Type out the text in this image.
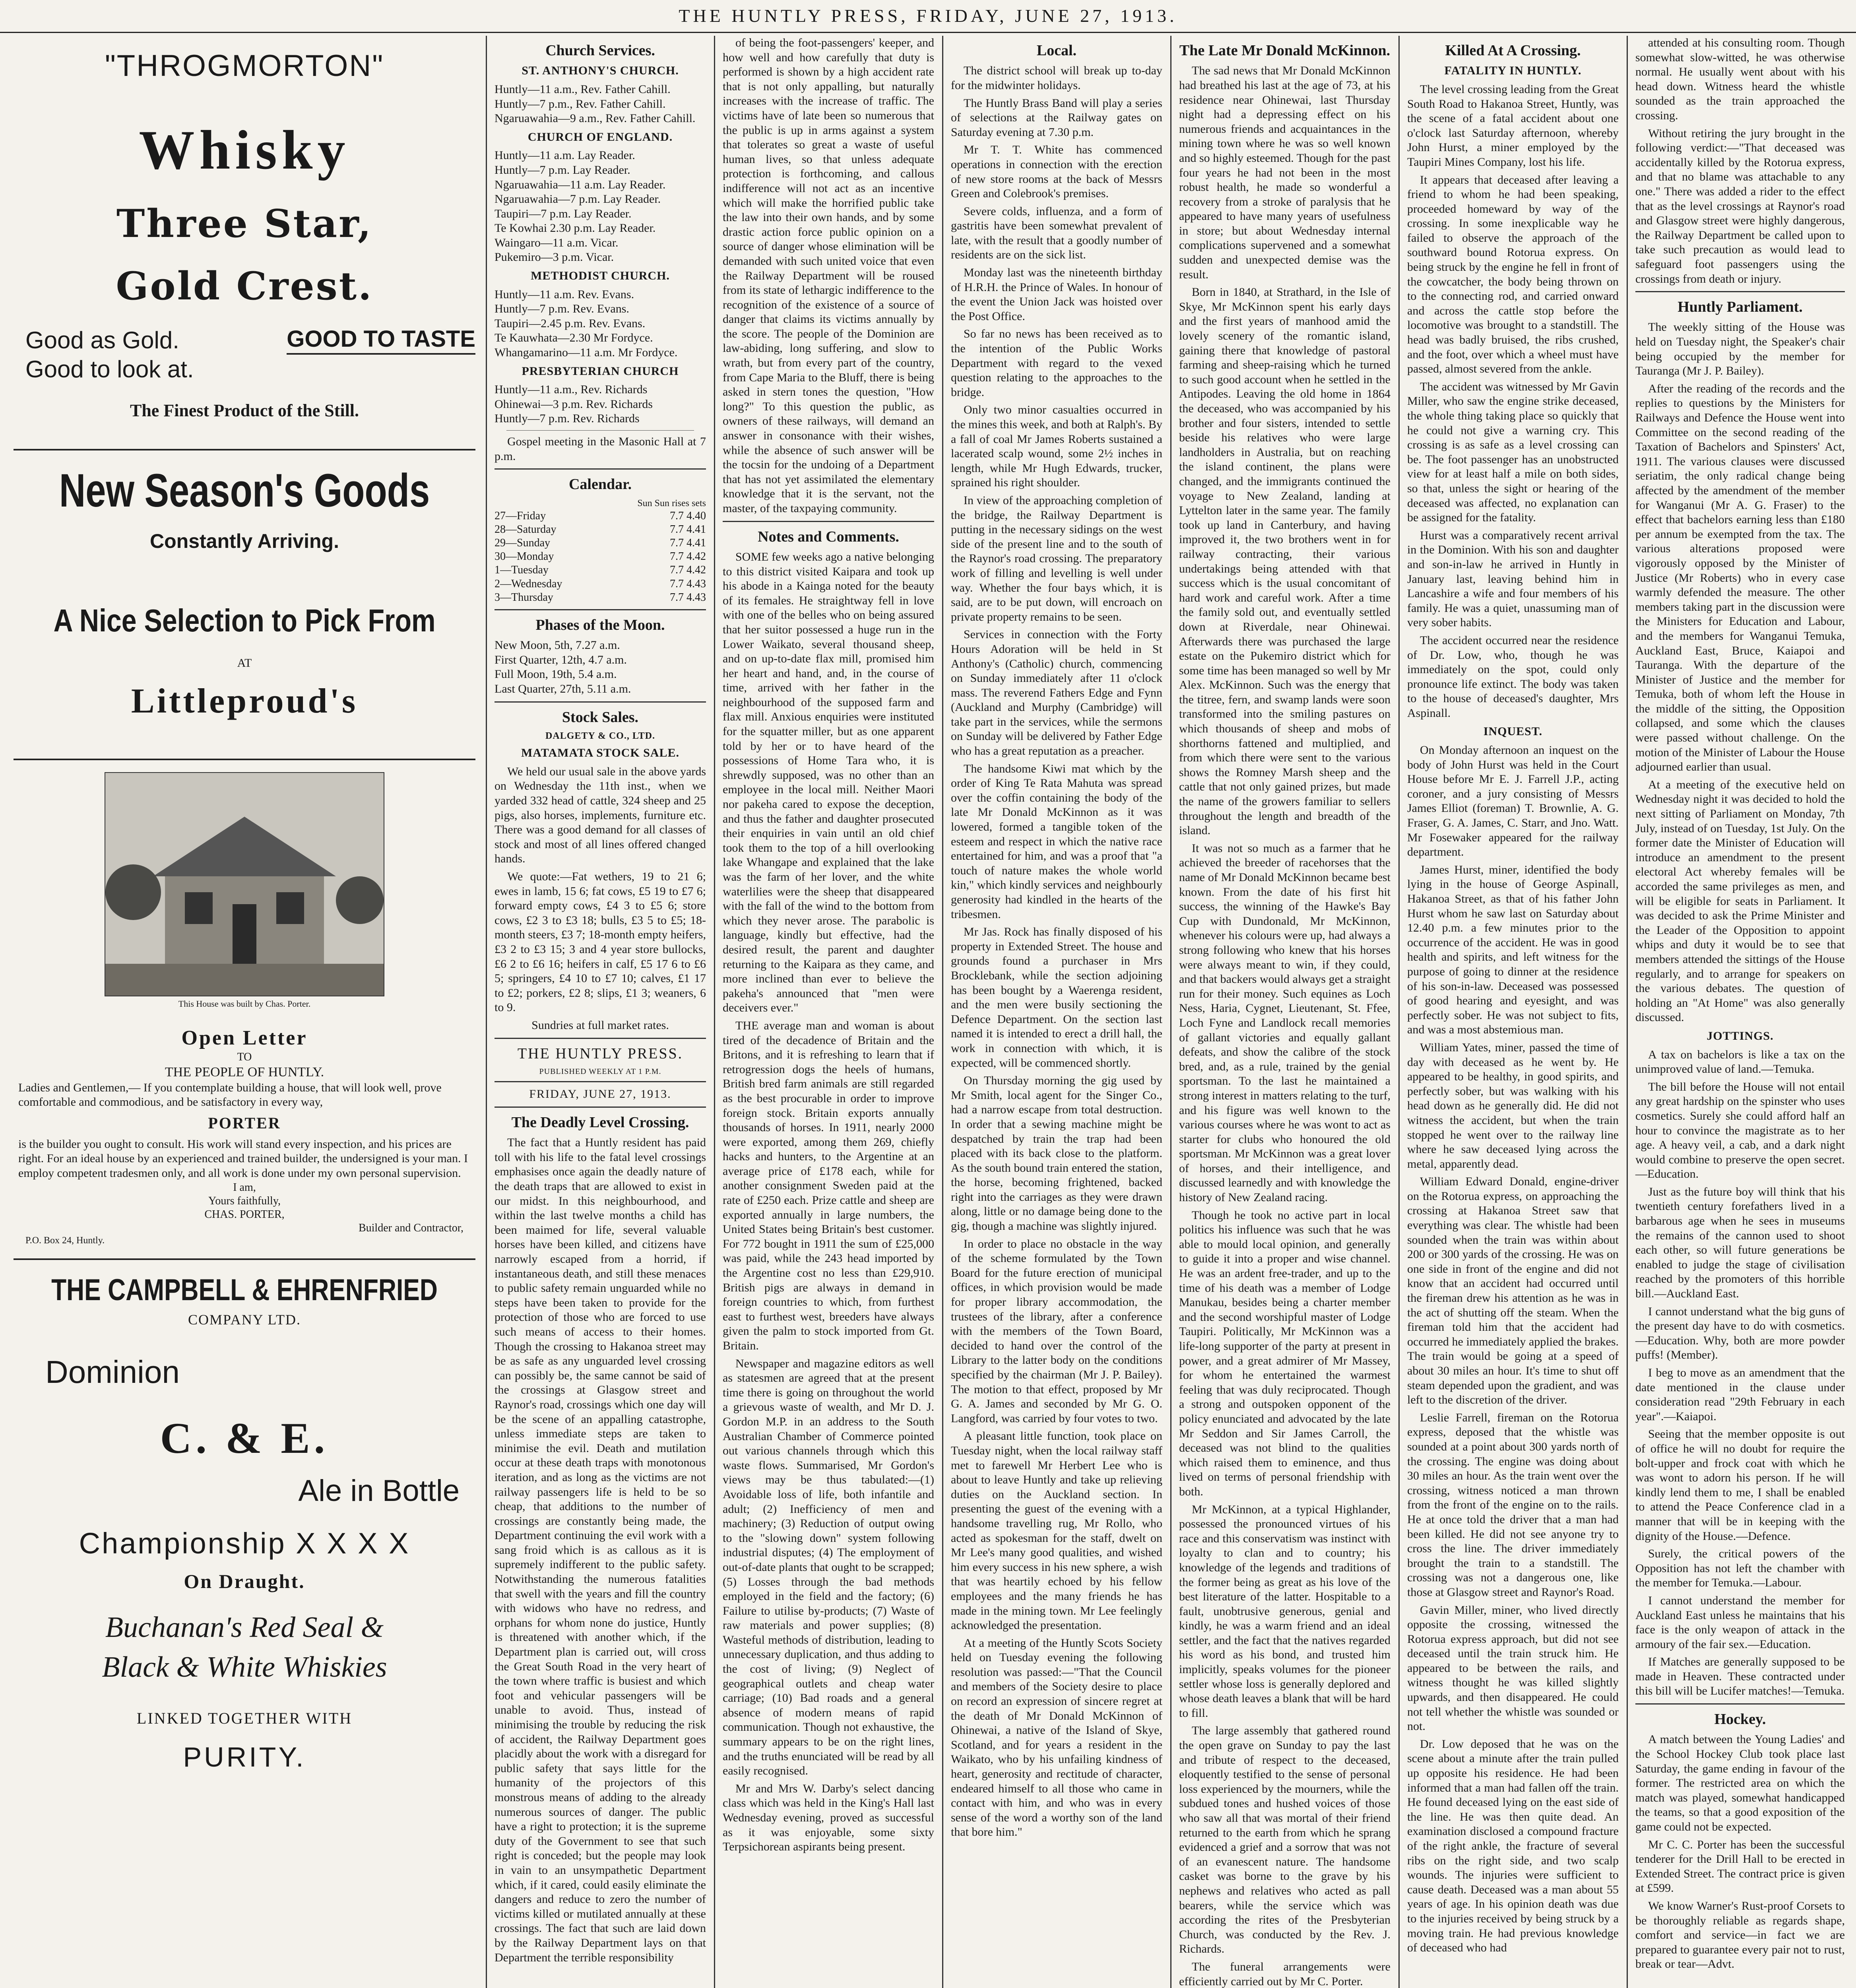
THE HUNTLY PRESS, FRIDAY, JUNE 27, 1913.
"THROGMORTON"
Whisky
Three Star,
Gold Crest.
Good as Gold.	GOOD TO TASTE
Good to look at.
The Finest Product of the Still.
New Season's Goods
Constantly Arriving.
A Nice Selection to Pick From
AT
Littleproud's
This House was built by Chas. Porter.
Open Letter
TO
THE PEOPLE OF HUNTLY.
Ladies and Gentlemen,— If you contemplate building a house, that will look well, prove comfortable and commodious, and be satisfactory in every way,
PORTER
is the builder you ought to consult. His work will stand every inspection, and his prices are right. For an ideal house by an experienced and trained builder, the undersigned is your man. I employ competent tradesmen only, and all work is done under my own personal supervision.
I am,
Yours faithfully,
CHAS. PORTER,
Builder and Contractor,
P.O. Box 24, Huntly.
THE CAMPBELL & EHRENFRIED
COMPANY LTD.
Dominion
C. & E.
Ale in Bottle
Championship X X X X
On Draught.
Buchanan's Red Seal &
Black & White Whiskies
LINKED TOGETHER WITH
PURITY.
Church Services.
ST. ANTHONY'S CHURCH.
Huntly—11 a.m., Rev. Father Cahill.
Huntly—7 p.m., Rev. Father Cahill.
Ngaruawahia—9 a.m., Rev. Father Cahill.
CHURCH OF ENGLAND.
Huntly—11 a.m. Lay Reader.
Huntly—7 p.m. Lay Reader.
Ngaruawahia—11 a.m. Lay Reader.
Ngaruawahia—7 p.m. Lay Reader.
Taupiri—7 p.m. Lay Reader.
Te Kowhai 2.30 p.m. Lay Reader.
Waingaro—11 a.m. Vicar.
Pukemiro—3 p.m. Vicar.
METHODIST CHURCH.
Huntly—11 a.m. Rev. Evans.
Huntly—7 p.m. Rev. Evans.
Taupiri—2.45 p.m. Rev. Evans.
Te Kauwhata—2.30 Mr Fordyce.
Whangamarino—11 a.m. Mr Fordyce.
PRESBYTERIAN CHURCH
Huntly—11 a.m., Rev. Richards
Ohinewai—3 p.m. Rev. Richards
Huntly—7 p.m. Rev. Richards
Gospel meeting in the Masonic Hall at 7 p.m.
Calendar.
Sun Sun rises sets
27—Friday	7.7 4.40
28—Saturday	7.7 4.41
29—Sunday	7.7 4.41
30—Monday	7.7 4.42
1—Tuesday	7.7 4.42
2—Wednesday	7.7 4.43
3—Thursday	7.7 4.43
Phases of the Moon.
New Moon, 5th, 7.27 a.m.
First Quarter, 12th, 4.7 a.m.
Full Moon, 19th, 5.4 a.m.
Last Quarter, 27th, 5.11 a.m.
Stock Sales.
DALGETY & CO., LTD.
MATAMATA STOCK SALE.
We held our usual sale in the above yards on Wednesday the 11th inst., when we yarded 332 head of cattle, 324 sheep and 25 pigs, also horses, implements, furniture etc. There was a good demand for all classes of stock and most of all lines offered changed hands.
We quote:—Fat wethers, 19 to 21 6; ewes in lamb, 15 6; fat cows, £5 19 to £7 6; forward empty cows, £4 3 to £5 6; store cows, £2 3 to £3 18; bulls, £3 5 to £5; 18-month steers, £3 7; 18-month empty heifers, £3 2 to £3 15; 3 and 4 year store bullocks, £6 2 to £6 16; heifers in calf, £5 17 6 to £6 5; springers, £4 10 to £7 10; calves, £1 17 to £2; porkers, £2 8; slips, £1 3; weaners, 6 to 9.
Sundries at full market rates.
THE HUNTLY PRESS.
PUBLISHED WEEKLY AT 1 P.M.
FRIDAY, JUNE 27, 1913.
The Deadly Level Crossing.
The fact that a Huntly resident has paid toll with his life to the fatal level crossings emphasises once again the deadly nature of the death traps that are allowed to exist in our midst. In this neighbourhood, and within the last twelve months a child has been maimed for life, several valuable horses have been killed, and citizens have narrowly escaped from a horrid, if instantaneous death, and still these menaces to public safety remain unguarded while no steps have been taken to provide for the protection of those who are forced to use such means of access to their homes. Though the crossing to Hakanoa street may be as safe as any unguarded level crossing can possibly be, the same cannot be said of the crossings at Glasgow street and Raynor's road, crossings which one day will be the scene of an appalling catastrophe, unless immediate steps are taken to minimise the evil. Death and mutilation occur at these death traps with monotonous iteration, and as long as the victims are not railway passengers life is held to be so cheap, that additions to the number of crossings are constantly being made, the Department continuing the evil work with a sang froid which is as callous as it is supremely indifferent to the public safety. Notwithstanding the numerous fatalities that swell with the years and fill the country with widows who have no redress, and orphans for whom none do justice, Huntly is threatened with another which, if the Department plan is carried out, will cross the Great South Road in the very heart of the town where traffic is busiest and which foot and vehicular passengers will be unable to avoid. Thus, instead of minimising the trouble by reducing the risk of accident, the Railway Department goes placidly about the work with a disregard for public safety that says little for the humanity of the projectors of this monstrous means of adding to the already numerous sources of danger. The public have a right to protection; it is the supreme duty of the Government to see that such right is conceded; but the people may look in vain to an unsympathetic Department which, if it cared, could easily eliminate the dangers and reduce to zero the number of victims killed or mutilated annually at these crossings. The fact that such are laid down by the Railway Department lays on that Department the terrible responsibility
of being the foot-passengers' keeper, and how well and how carefully that duty is performed is shown by a high accident rate that is not only appalling, but naturally increases with the increase of traffic. The victims have of late been so numerous that the public is up in arms against a system that tolerates so great a waste of useful human lives, so that unless adequate protection is forthcoming, and callous indifference will not act as an incentive which will make the horrified public take the law into their own hands, and by some drastic action force public opinion on a source of danger whose elimination will be demanded with such united voice that even the Railway Department will be roused from its state of lethargic indifference to the recognition of the existence of a source of danger that claims its victims annually by the score. The people of the Dominion are law-abiding, long suffering, and slow to wrath, but from every part of the country, from Cape Maria to the Bluff, there is being asked in stern tones the question, "How long?" To this question the public, as owners of these railways, will demand an answer in consonance with their wishes, while the absence of such answer will be the tocsin for the undoing of a Department that has not yet assimilated the elementary knowledge that it is the servant, not the master, of the taxpaying community.
Notes and Comments.
SOME few weeks ago a native belonging to this district visited Kaipara and took up his abode in a Kainga noted for the beauty of its females. He straightway fell in love with one of the belles who on being assured that her suitor possessed a huge run in the Lower Waikato, several thousand sheep, and on up-to-date flax mill, promised him her heart and hand, and, in the course of time, arrived with her father in the neighbourhood of the supposed farm and flax mill. Anxious enquiries were instituted for the squatter miller, but as one apparent told by her or to have heard of the possessions of Home Tara who, it is shrewdly supposed, was no other than an employee in the local mill. Neither Maori nor pakeha cared to expose the deception, and thus the father and daughter prosecuted their enquiries in vain until an old chief took them to the top of a hill overlooking lake Whangape and explained that the lake was the farm of her lover, and the white waterlilies were the sheep that disappeared with the fall of the wind to the bottom from which they never arose. The parabolic is language, kindly but effective, had the desired result, the parent and daughter returning to the Kaipara as they came, and more inclined than ever to believe the pakeha's announced that "men were deceivers ever."
THE average man and woman is about tired of the decadence of Britain and the Britons, and it is refreshing to learn that if retrogression dogs the heels of humans, British bred farm animals are still regarded as the best procurable in order to improve foreign stock. Britain exports annually thousands of horses. In 1911, nearly 2000 were exported, among them 269, chiefly hacks and hunters, to the Argentine at an average price of £178 each, while for another consignment Sweden paid at the rate of £250 each. Prize cattle and sheep are exported annually in large numbers, the United States being Britain's best customer. For 772 bought in 1911 the sum of £25,000 was paid, while the 243 head imported by the Argentine cost no less than £29,910. British pigs are always in demand in foreign countries to which, from furthest east to furthest west, breeders have always given the palm to stock imported from Gt. Britain.
Newspaper and magazine editors as well as statesmen are agreed that at the present time there is going on throughout the world a grievous waste of wealth, and Mr D. J. Gordon M.P. in an address to the South Australian Chamber of Commerce pointed out various channels through which this waste flows. Summarised, Mr Gordon's views may be thus tabulated:—(1) Avoidable loss of life, both infantile and adult; (2) Inefficiency of men and machinery; (3) Reduction of output owing to the "slowing down" system following industrial disputes; (4) The employment of out-of-date plants that ought to be scrapped; (5) Losses through the bad methods employed in the field and the factory; (6) Failure to utilise by-products; (7) Waste of raw materials and power supplies; (8) Wasteful methods of distribution, leading to unnecessary duplication, and thus adding to the cost of living; (9) Neglect of geographical outlets and cheap water carriage; (10) Bad roads and a general absence of modern means of rapid communication. Though not exhaustive, the summary appears to be on the right lines, and the truths enunciated will be read by all easily recognised.
Mr and Mrs W. Darby's select dancing class which was held in the King's Hall last Wednesday evening, proved as successful as it was enjoyable, some sixty Terpsichorean aspirants being present.
Local.
The district school will break up to-day for the midwinter holidays.
The Huntly Brass Band will play a series of selections at the Railway gates on Saturday evening at 7.30 p.m.
Mr T. T. White has commenced operations in connection with the erection of new store rooms at the back of Messrs Green and Colebrook's premises.
Severe colds, influenza, and a form of gastritis have been somewhat prevalent of late, with the result that a goodly number of residents are on the sick list.
Monday last was the nineteenth birthday of H.R.H. the Prince of Wales. In honour of the event the Union Jack was hoisted over the Post Office.
So far no news has been received as to the intention of the Public Works Department with regard to the vexed question relating to the approaches to the bridge.
Only two minor casualties occurred in the mines this week, and both at Ralph's. By a fall of coal Mr James Roberts sustained a lacerated scalp wound, some 2½ inches in length, while Mr Hugh Edwards, trucker, sprained his right shoulder.
In view of the approaching completion of the bridge, the Railway Department is putting in the necessary sidings on the west side of the present line and to the south of the Raynor's road crossing. The preparatory work of filling and levelling is well under way. Whether the four bays which, it is said, are to be put down, will encroach on private property remains to be seen.
Services in connection with the Forty Hours Adoration will be held in St Anthony's (Catholic) church, commencing on Sunday immediately after 11 o'clock mass. The reverend Fathers Edge and Fynn (Auckland and Murphy (Cambridge) will take part in the services, while the sermons on Sunday will be delivered by Father Edge who has a great reputation as a preacher.
The handsome Kiwi mat which by the order of King Te Rata Mahuta was spread over the coffin containing the body of the late Mr Donald McKinnon as it was lowered, formed a tangible token of the esteem and respect in which the native race entertained for him, and was a proof that "a touch of nature makes the whole world kin," which kindly services and neighbourly generosity had kindled in the hearts of the tribesmen.
Mr Jas. Rock has finally disposed of his property in Extended Street. The house and grounds found a purchaser in Mrs Brocklebank, while the section adjoining has been bought by a Waerenga resident, and the men were busily sectioning the Defence Department. On the section last named it is intended to erect a drill hall, the work in connection with which, it is expected, will be commenced shortly.
On Thursday morning the gig used by Mr Smith, local agent for the Singer Co., had a narrow escape from total destruction. In order that a sewing machine might be despatched by train the trap had been placed with its back close to the platform. As the south bound train entered the station, the horse, becoming frightened, backed right into the carriages as they were drawn along, little or no damage being done to the gig, though a machine was slightly injured.
In order to place no obstacle in the way of the scheme formulated by the Town Board for the future erection of municipal offices, in which provision would be made for proper library accommodation, the trustees of the library, after a conference with the members of the Town Board, decided to hand over the control of the Library to the latter body on the conditions specified by the chairman (Mr J. P. Bailey). The motion to that effect, proposed by Mr G. A. James and seconded by Mr G. O. Langford, was carried by four votes to two.
A pleasant little function, took place on Tuesday night, when the local railway staff met to farewell Mr Herbert Lee who is about to leave Huntly and take up relieving duties on the Auckland section. In presenting the guest of the evening with a handsome travelling rug, Mr Rollo, who acted as spokesman for the staff, dwelt on Mr Lee's many good qualities, and wished him every success in his new sphere, a wish that was heartily echoed by his fellow employees and the many friends he has made in the mining town. Mr Lee feelingly acknowledged the presentation.
At a meeting of the Huntly Scots Society held on Tuesday evening the following resolution was passed:—"That the Council and members of the Society desire to place on record an expression of sincere regret at the death of Mr Donald McKinnon of Ohinewai, a native of the Island of Skye, Scotland, and for years a resident in the Waikato, who by his unfailing kindness of heart, generosity and rectitude of character, endeared himself to all those who came in contact with him, and who was in every sense of the word a worthy son of the land that bore him."
The Late Mr Donald McKinnon.
The sad news that Mr Donald McKinnon had breathed his last at the age of 73, at his residence near Ohinewai, last Thursday night had a depressing effect on his numerous friends and acquaintances in the mining town where he was so well known and so highly esteemed. Though for the past four years he had not been in the most robust health, he made so wonderful a recovery from a stroke of paralysis that he appeared to have many years of usefulness in store; but about Wednesday internal complications supervened and a somewhat sudden and unexpected demise was the result.
Born in 1840, at Strathard, in the Isle of Skye, Mr McKinnon spent his early days and the first years of manhood amid the lovely scenery of the romantic island, gaining there that knowledge of pastoral farming and sheep-raising which he turned to such good account when he settled in the Antipodes. Leaving the old home in 1864 the deceased, who was accompanied by his brother and four sisters, intended to settle beside his relatives who were large landholders in Australia, but on reaching the island continent, the plans were changed, and the immigrants continued the voyage to New Zealand, landing at Lyttelton later in the same year. The family took up land in Canterbury, and having improved it, the two brothers went in for railway contracting, their various undertakings being attended with that success which is the usual concomitant of hard work and careful work. After a time the family sold out, and eventually settled down at Riverdale, near Ohinewai. Afterwards there was purchased the large estate on the Pukemiro district which for some time has been managed so well by Mr Alex. McKinnon. Such was the energy that the titree, fern, and swamp lands were soon transformed into the smiling pastures on which thousands of sheep and mobs of shorthorns fattened and multiplied, and from which there were sent to the various shows the Romney Marsh sheep and the cattle that not only gained prizes, but made the name of the growers familiar to sellers throughout the length and breadth of the island.
It was not so much as a farmer that he achieved the breeder of racehorses that the name of Mr Donald McKinnon became best known. From the date of his first hit success, the winning of the Hawke's Bay Cup with Dundonald, Mr McKinnon, whenever his colours were up, had always a strong following who knew that his horses were always meant to win, if they could, and that backers would always get a straight run for their money. Such equines as Loch Ness, Haria, Cygnet, Lieutenant, St. Ffee, Loch Fyne and Landlock recall memories of gallant victories and equally gallant defeats, and show the calibre of the stock bred, and, as a rule, trained by the genial sportsman. To the last he maintained a strong interest in matters relating to the turf, and his figure was well known to the various courses where he was wont to act as starter for clubs who honoured the old sportsman. Mr McKinnon was a great lover of horses, and their intelligence, and discussed learnedly and with knowledge the history of New Zealand racing.
Though he took no active part in local politics his influence was such that he was able to mould local opinion, and generally to guide it into a proper and wise channel. He was an ardent free-trader, and up to the time of his death was a member of Lodge Manukau, besides being a charter member and the second worshipful master of Lodge Taupiri. Politically, Mr McKinnon was a life-long supporter of the party at present in power, and a great admirer of Mr Massey, for whom he entertained the warmest feeling that was duly reciprocated. Though a strong and outspoken opponent of the policy enunciated and advocated by the late Mr Seddon and Sir James Carroll, the deceased was not blind to the qualities which raised them to eminence, and thus lived on terms of personal friendship with both.
Mr McKinnon, at a typical Highlander, possessed the pronounced virtues of his race and this conservatism was instinct with loyalty to clan and to country; his knowledge of the legends and traditions of the former being as great as his love of the best literature of the latter. Hospitable to a fault, unobtrusive generous, genial and kindly, he was a warm friend and an ideal settler, and the fact that the natives regarded his word as his bond, and trusted him implicitly, speaks volumes for the pioneer settler whose loss is generally deplored and whose death leaves a blank that will be hard to fill.
The large assembly that gathered round the open grave on Sunday to pay the last and tribute of respect to the deceased, eloquently testified to the sense of personal loss experienced by the mourners, while the subdued tones and hushed voices of those who saw all that was mortal of their friend returned to the earth from which he sprang evidenced a grief and a sorrow that was not of an evanescent nature. The handsome casket was borne to the grave by his nephews and relatives who acted as pall bearers, while the service which was according the rites of the Presbyterian Church, was conducted by the Rev. J. Richards.
The funeral arrangements were efficiently carried out by Mr C. Porter.
Killed At A Crossing.
FATALITY IN HUNTLY.
The level crossing leading from the Great South Road to Hakanoa Street, Huntly, was the scene of a fatal accident about one o'clock last Saturday afternoon, whereby John Hurst, a miner employed by the Taupiri Mines Company, lost his life.
It appears that deceased after leaving a friend to whom he had been speaking, proceeded homeward by way of the crossing. In some inexplicable way he failed to observe the approach of the southward bound Rotorua express. On being struck by the engine he fell in front of the cowcatcher, the body being thrown on to the connecting rod, and carried onward and across the cattle stop before the locomotive was brought to a standstill. The head was badly bruised, the ribs crushed, and the foot, over which a wheel must have passed, almost severed from the ankle.
The accident was witnessed by Mr Gavin Miller, who saw the engine strike deceased, the whole thing taking place so quickly that he could not give a warning cry. This crossing is as safe as a level crossing can be. The foot passenger has an unobstructed view for at least half a mile on both sides, so that, unless the sight or hearing of the deceased was affected, no explanation can be assigned for the fatality.
Hurst was a comparatively recent arrival in the Dominion. With his son and daughter and son-in-law he arrived in Huntly in January last, leaving behind him in Lancashire a wife and four members of his family. He was a quiet, unassuming man of very sober habits.
The accident occurred near the residence of Dr. Low, who, though he was immediately on the spot, could only pronounce life extinct. The body was taken to the house of deceased's daughter, Mrs Aspinall.
INQUEST.
On Monday afternoon an inquest on the body of John Hurst was held in the Court House before Mr E. J. Farrell J.P., acting coroner, and a jury consisting of Messrs James Elliot (foreman) T. Brownlie, A. G. Fraser, G. A. James, C. Starr, and Jno. Watt. Mr Fosewaker appeared for the railway department.
James Hurst, miner, identified the body lying in the house of George Aspinall, Hakanoa Street, as that of his father John Hurst whom he saw last on Saturday about 12.40 p.m. a few minutes prior to the occurrence of the accident. He was in good health and spirits, and left witness for the purpose of going to dinner at the residence of his son-in-law. Deceased was possessed of good hearing and eyesight, and was perfectly sober. He was not subject to fits, and was a most abstemious man.
William Yates, miner, passed the time of day with deceased as he went by. He appeared to be healthy, in good spirits, and perfectly sober, but was walking with his head down as he generally did. He did not witness the accident, but when the train stopped he went over to the railway line where he saw deceased lying across the metal, apparently dead.
William Edward Donald, engine-driver on the Rotorua express, on approaching the crossing at Hakanoa Street saw that everything was clear. The whistle had been sounded when the train was within about 200 or 300 yards of the crossing. He was on one side in front of the engine and did not know that an accident had occurred until the fireman drew his attention as he was in the act of shutting off the steam. When the fireman told him that the accident had occurred he immediately applied the brakes. The train would be going at a speed of about 30 miles an hour. It's time to shut off steam depended upon the gradient, and was left to the discretion of the driver.
Leslie Farrell, fireman on the Rotorua express, deposed that the whistle was sounded at a point about 300 yards north of the crossing. The engine was doing about 30 miles an hour. As the train went over the crossing, witness noticed a man thrown from the front of the engine on to the rails. He at once told the driver that a man had been killed. He did not see anyone try to cross the line. The driver immediately brought the train to a standstill. The crossing was not a dangerous one, like those at Glasgow street and Raynor's Road.
Gavin Miller, miner, who lived directly opposite the crossing, witnessed the Rotorua express approach, but did not see deceased until the train struck him. He appeared to be between the rails, and witness thought he was killed slightly upwards, and then disappeared. He could not tell whether the whistle was sounded or not.
Dr. Low deposed that he was on the scene about a minute after the train pulled up opposite his residence. He had been informed that a man had fallen off the train. He found deceased lying on the east side of the line. He was then quite dead. An examination disclosed a compound fracture of the right ankle, the fracture of several ribs on the right side, and two scalp wounds. The injuries were sufficient to cause death. Deceased was a man about 55 years of age. In his opinion death was due to the injuries received by being struck by a moving train. He had previous knowledge of deceased who had
attended at his consulting room. Though somewhat slow-witted, he was otherwise normal. He usually went about with his head down. Witness heard the whistle sounded as the train approached the crossing.
Without retiring the jury brought in the following verdict:—"That deceased was accidentally killed by the Rotorua express, and that no blame was attachable to any one." There was added a rider to the effect that as the level crossings at Raynor's road and Glasgow street were highly dangerous, the Railway Department be called upon to take such precaution as would lead to safeguard foot passengers using the crossings from death or injury.
Huntly Parliament.
The weekly sitting of the House was held on Tuesday night, the Speaker's chair being occupied by the member for Tauranga (Mr J. P. Bailey).
After the reading of the records and the replies to questions by the Ministers for Railways and Defence the House went into Committee on the second reading of the Taxation of Bachelors and Spinsters' Act, 1911. The various clauses were discussed seriatim, the only radical change being affected by the amendment of the member for Wanganui (Mr A. G. Fraser) to the effect that bachelors earning less than £180 per annum be exempted from the tax. The various alterations proposed were vigorously opposed by the Minister of Justice (Mr Roberts) who in every case warmly defended the measure. The other members taking part in the discussion were the Ministers for Education and Labour, and the members for Wanganui Temuka, Auckland East, Bruce, Kaiapoi and Tauranga. With the departure of the Minister of Justice and the member for Temuka, both of whom left the House in the middle of the sitting, the Opposition collapsed, and some which the clauses were passed without challenge. On the motion of the Minister of Labour the House adjourned earlier than usual.
At a meeting of the executive held on Wednesday night it was decided to hold the next sitting of Parliament on Monday, 7th July, instead of on Tuesday, 1st July. On the former date the Minister of Education will introduce an amendment to the present electoral Act whereby females will be accorded the same privileges as men, and will be eligible for seats in Parliament. It was decided to ask the Prime Minister and the Leader of the Opposition to appoint whips and duty it would be to see that members attended the sittings of the House regularly, and to arrange for speakers on the various debates. The question of holding an "At Home" was also generally discussed.
JOTTINGS.
A tax on bachelors is like a tax on the unimproved value of land.—Temuka.
The bill before the House will not entail any great hardship on the spinster who uses cosmetics. Surely she could afford half an hour to convince the magistrate as to her age. A heavy veil, a cab, and a dark night would combine to preserve the open secret.—Education.
Just as the future boy will think that his twentieth century forefathers lived in a barbarous age when he sees in museums the remains of the cannon used to shoot each other, so will future generations be enabled to judge the stage of civilisation reached by the promoters of this horrible bill.—Auckland East.
I cannot understand what the big guns of the present day have to do with cosmetics.—Education. Why, both are more powder puffs! (Member).
I beg to move as an amendment that the date mentioned in the clause under consideration read "29th February in each year".—Kaiapoi.
Seeing that the member opposite is out of office he will no doubt for require the bolt-upper and frock coat with which he was wont to adorn his person. If he will kindly lend them to me, I shall be enabled to attend the Peace Conference clad in a manner that will be in keeping with the dignity of the House.—Defence.
Surely, the critical powers of the Opposition has not left the chamber with the member for Temuka.—Labour.
I cannot understand the member for Auckland East unless he maintains that his face is the only weapon of attack in the armoury of the fair sex.—Education.
If Matches are generally supposed to be made in Heaven. These contracted under this bill will be Lucifer matches!—Temuka.
Hockey.
A match between the Young Ladies' and the School Hockey Club took place last Saturday, the game ending in favour of the former. The restricted area on which the match was played, somewhat handicapped the teams, so that a good exposition of the game could not be expected.
Mr C. C. Porter has been the successful tenderer for the Drill Hall to be erected in Extended Street. The contract price is given at £599.
We know Warner's Rust-proof Corsets to be thoroughly reliable as regards shape, comfort and service—in fact we are prepared to guarantee every pair not to rust, break or tear—Advt.
